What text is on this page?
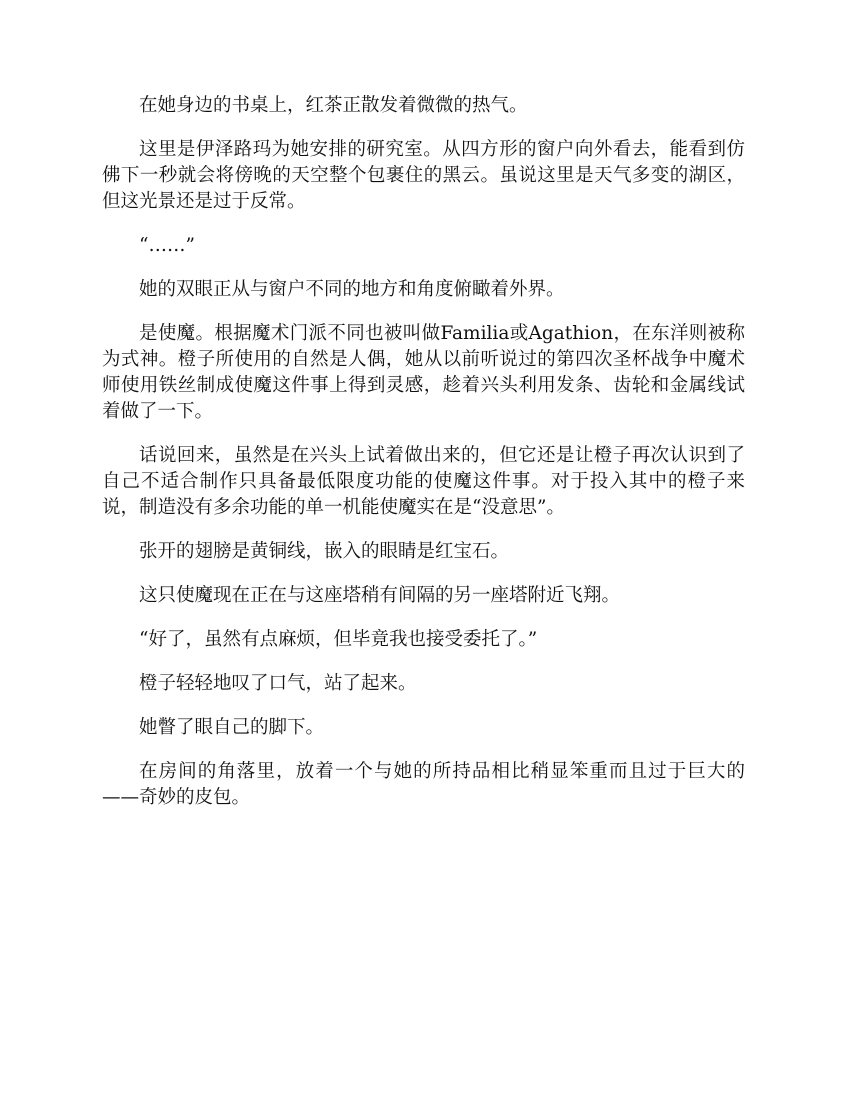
在她身边的书桌上，红茶正散发着微微的热气。

这里是伊泽路玛为她安排的研究室。从四方形的窗户向外看去，能看到仿佛下一秒就会将傍晚的天空整个包裹住的黑云。虽说这里是天气多变的湖区，但这光景还是过于反常。

“……”

她的双眼正从与窗户不同的地方和角度俯瞰着外界。

是使魔。根据魔术门派不同也被叫做Familia或Agathion，在东洋则被称为式神。橙子所使用的自然是人偶，她从以前听说过的第四次圣杯战争中魔术师使用铁丝制成使魔这件事上得到灵感，趁着兴头利用发条、齿轮和金属线试着做了一下。

话说回来，虽然是在兴头上试着做出来的，但它还是让橙子再次认识到了自己不适合制作只具备最低限度功能的使魔这件事。对于投入其中的橙子来说，制造没有多余功能的单一机能使魔实在是“没意思”。

张开的翅膀是黄铜线，嵌入的眼睛是红宝石。

这只使魔现在正在与这座塔稍有间隔的另一座塔附近飞翔。

“好了，虽然有点麻烦，但毕竟我也接受委托了。”

橙子轻轻地叹了口气，站了起来。

她瞥了眼自己的脚下。

在房间的角落里，放着一个与她的所持品相比稍显笨重而且过于巨大的——奇妙的皮包。
